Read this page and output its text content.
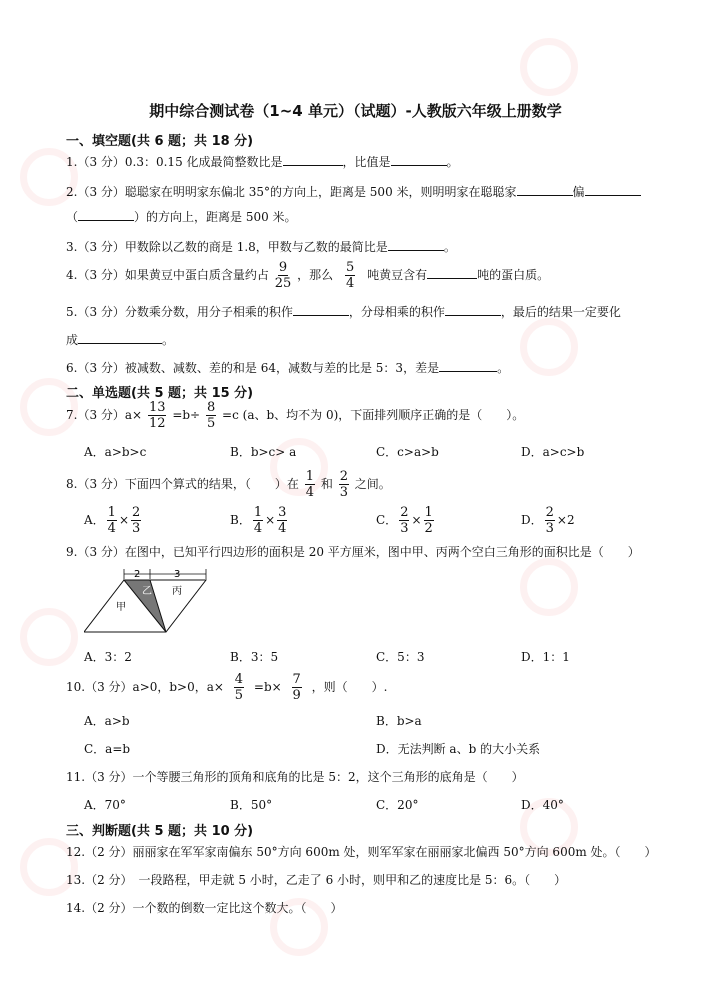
期中综合测试卷（1~4 单元）（试题）-人教版六年级上册数学
一、填空题(共 6 题；共 18 分)
1.（3 分）0.3：0.15 化成最简整数比是	，比值是	。
2.（3 分）聪聪家在明明家东偏北 35°的方向上，距离是 500 米，则明明家在聪聪家	偏
（	）的方向上，距离是 500 米。
3.（3 分）甲数除以乙数的商是 1.8，甲数与乙数的最简比是	。
4.（3 分）如果黄豆中蛋白质含量约占 $\frac{9}{25}$ ，那么 $\frac{5}{4}$ 吨黄豆含有	吨的蛋白质。
5.（3 分）分数乘分数，用分子相乘的积作	，分母相乘的积作	，最后的结果一定要化
成	。
6.（3 分）被减数、减数、差的和是 64，减数与差的比是 5：3，差是	。
二、单选题(共 5 题；共 15 分)
7.（3 分）$a\times \frac{13}{12} =b\div \frac{8}{5} =c$ (a、b、均不为 0)，下面排列顺序正确的是（　　）。
A．a>b>c	B．b>c> a	C．c>a>b	D．a>c>b
8.（3 分）下面四个算式的结果，（　　）在 $\frac{1}{4}$ 和 $\frac{2}{3}$ 之间。
A． $\frac{1}{4} \times \frac{2}{3}$	B． $\frac{1}{4} \times \frac{3}{4}$	C． $\frac{2}{3} \times \frac{1}{2}$	D． $\frac{2}{3} \times 2$
9.（3 分）在图中，已知平行四边形的面积是 20 平方厘米，图中甲、丙两个空白三角形的面积比是（　　）
2	3
甲
乙 丙
A．3：2	B．3：5	C．5：3	D．1：1
10.（3 分）a>0，b>0，$a\times \frac{4}{5} =b\times \frac{7}{9}$ ，则（　　）.
A．a>b	B．b>a
C．a=b	D．无法判断 a、b 的大小关系
11.（3 分）一个等腰三角形的顶角和底角的比是 5：2，这个三角形的底角是（　　）
A．70°	B．50°	C．20°	D．40°
三、判断题(共 5 题；共 10 分)
12.（2 分）丽丽家在军军家南偏东 50°方向 600m 处，则军军家在丽丽家北偏西 50°方向 600m 处。（　　）
13.（2 分）　一段路程，甲走就 5 小时，乙走了 6 小时，则甲和乙的速度比是 5：6。（　　）
14.（2 分）一个数的倒数一定比这个数大。（　　）
